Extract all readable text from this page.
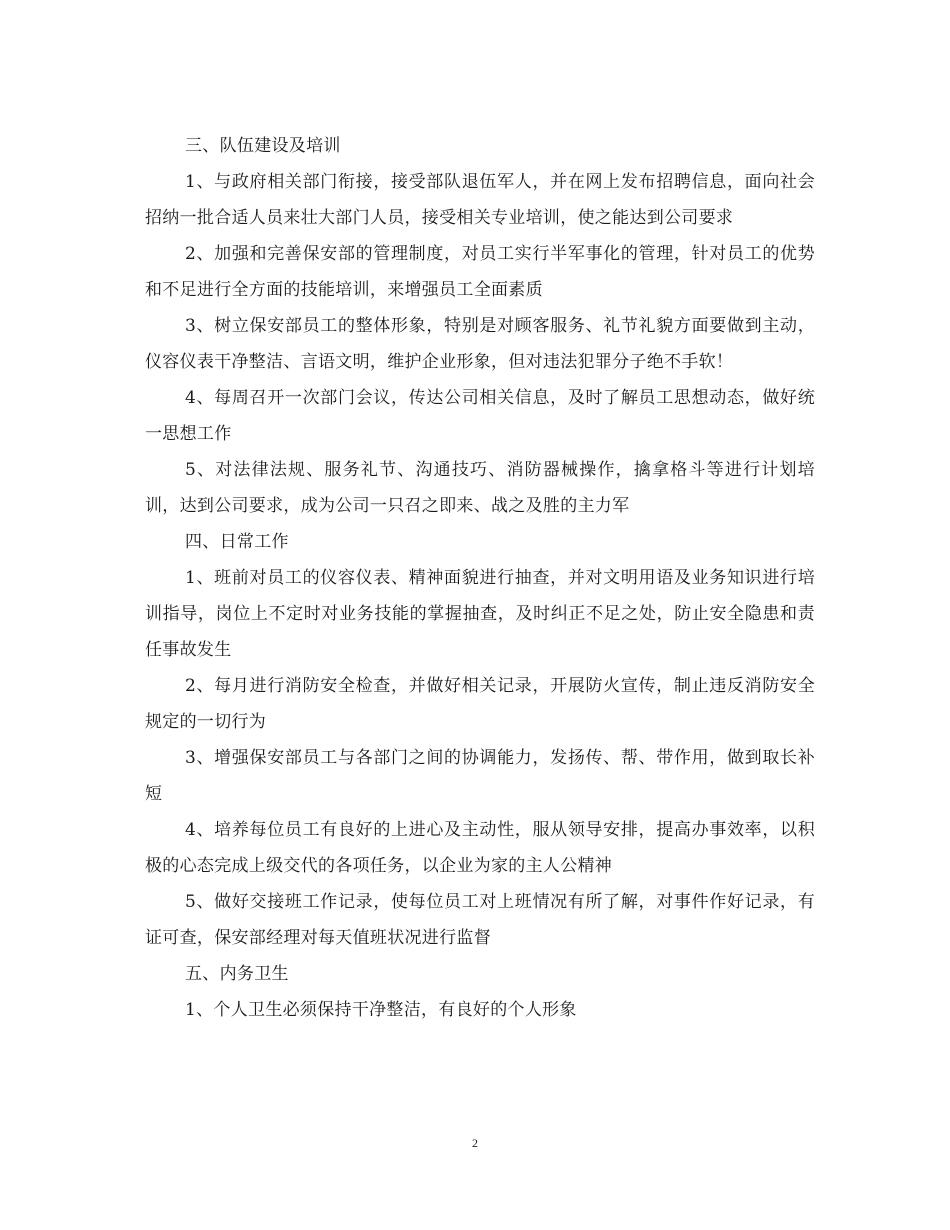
三、队伍建设及培训

1、与政府相关部门衔接，接受部队退伍军人，并在网上发布招聘信息，面向社会招纳一批合适人员来壮大部门人员，接受相关专业培训，使之能达到公司要求

2、加强和完善保安部的管理制度，对员工实行半军事化的管理，针对员工的优势和不足进行全方面的技能培训，来增强员工全面素质

3、树立保安部员工的整体形象，特别是对顾客服务、礼节礼貌方面要做到主动，仪容仪表干净整洁、言语文明，维护企业形象，但对违法犯罪分子绝不手软！

4、每周召开一次部门会议，传达公司相关信息，及时了解员工思想动态，做好统一思想工作

5、对法律法规、服务礼节、沟通技巧、消防器械操作，擒拿格斗等进行计划培训，达到公司要求，成为公司一只召之即来、战之及胜的主力军

四、日常工作

1、班前对员工的仪容仪表、精神面貌进行抽查，并对文明用语及业务知识进行培训指导，岗位上不定时对业务技能的掌握抽查，及时纠正不足之处，防止安全隐患和责任事故发生

2、每月进行消防安全检查，并做好相关记录，开展防火宣传，制止违反消防安全规定的一切行为

3、增强保安部员工与各部门之间的协调能力，发扬传、帮、带作用，做到取长补短

4、培养每位员工有良好的上进心及主动性，服从领导安排，提高办事效率，以积极的心态完成上级交代的各项任务，以企业为家的主人公精神

5、做好交接班工作记录，使每位员工对上班情况有所了解，对事件作好记录，有证可查，保安部经理对每天值班状况进行监督

五、内务卫生

1、个人卫生必须保持干净整洁，有良好的个人形象

2
